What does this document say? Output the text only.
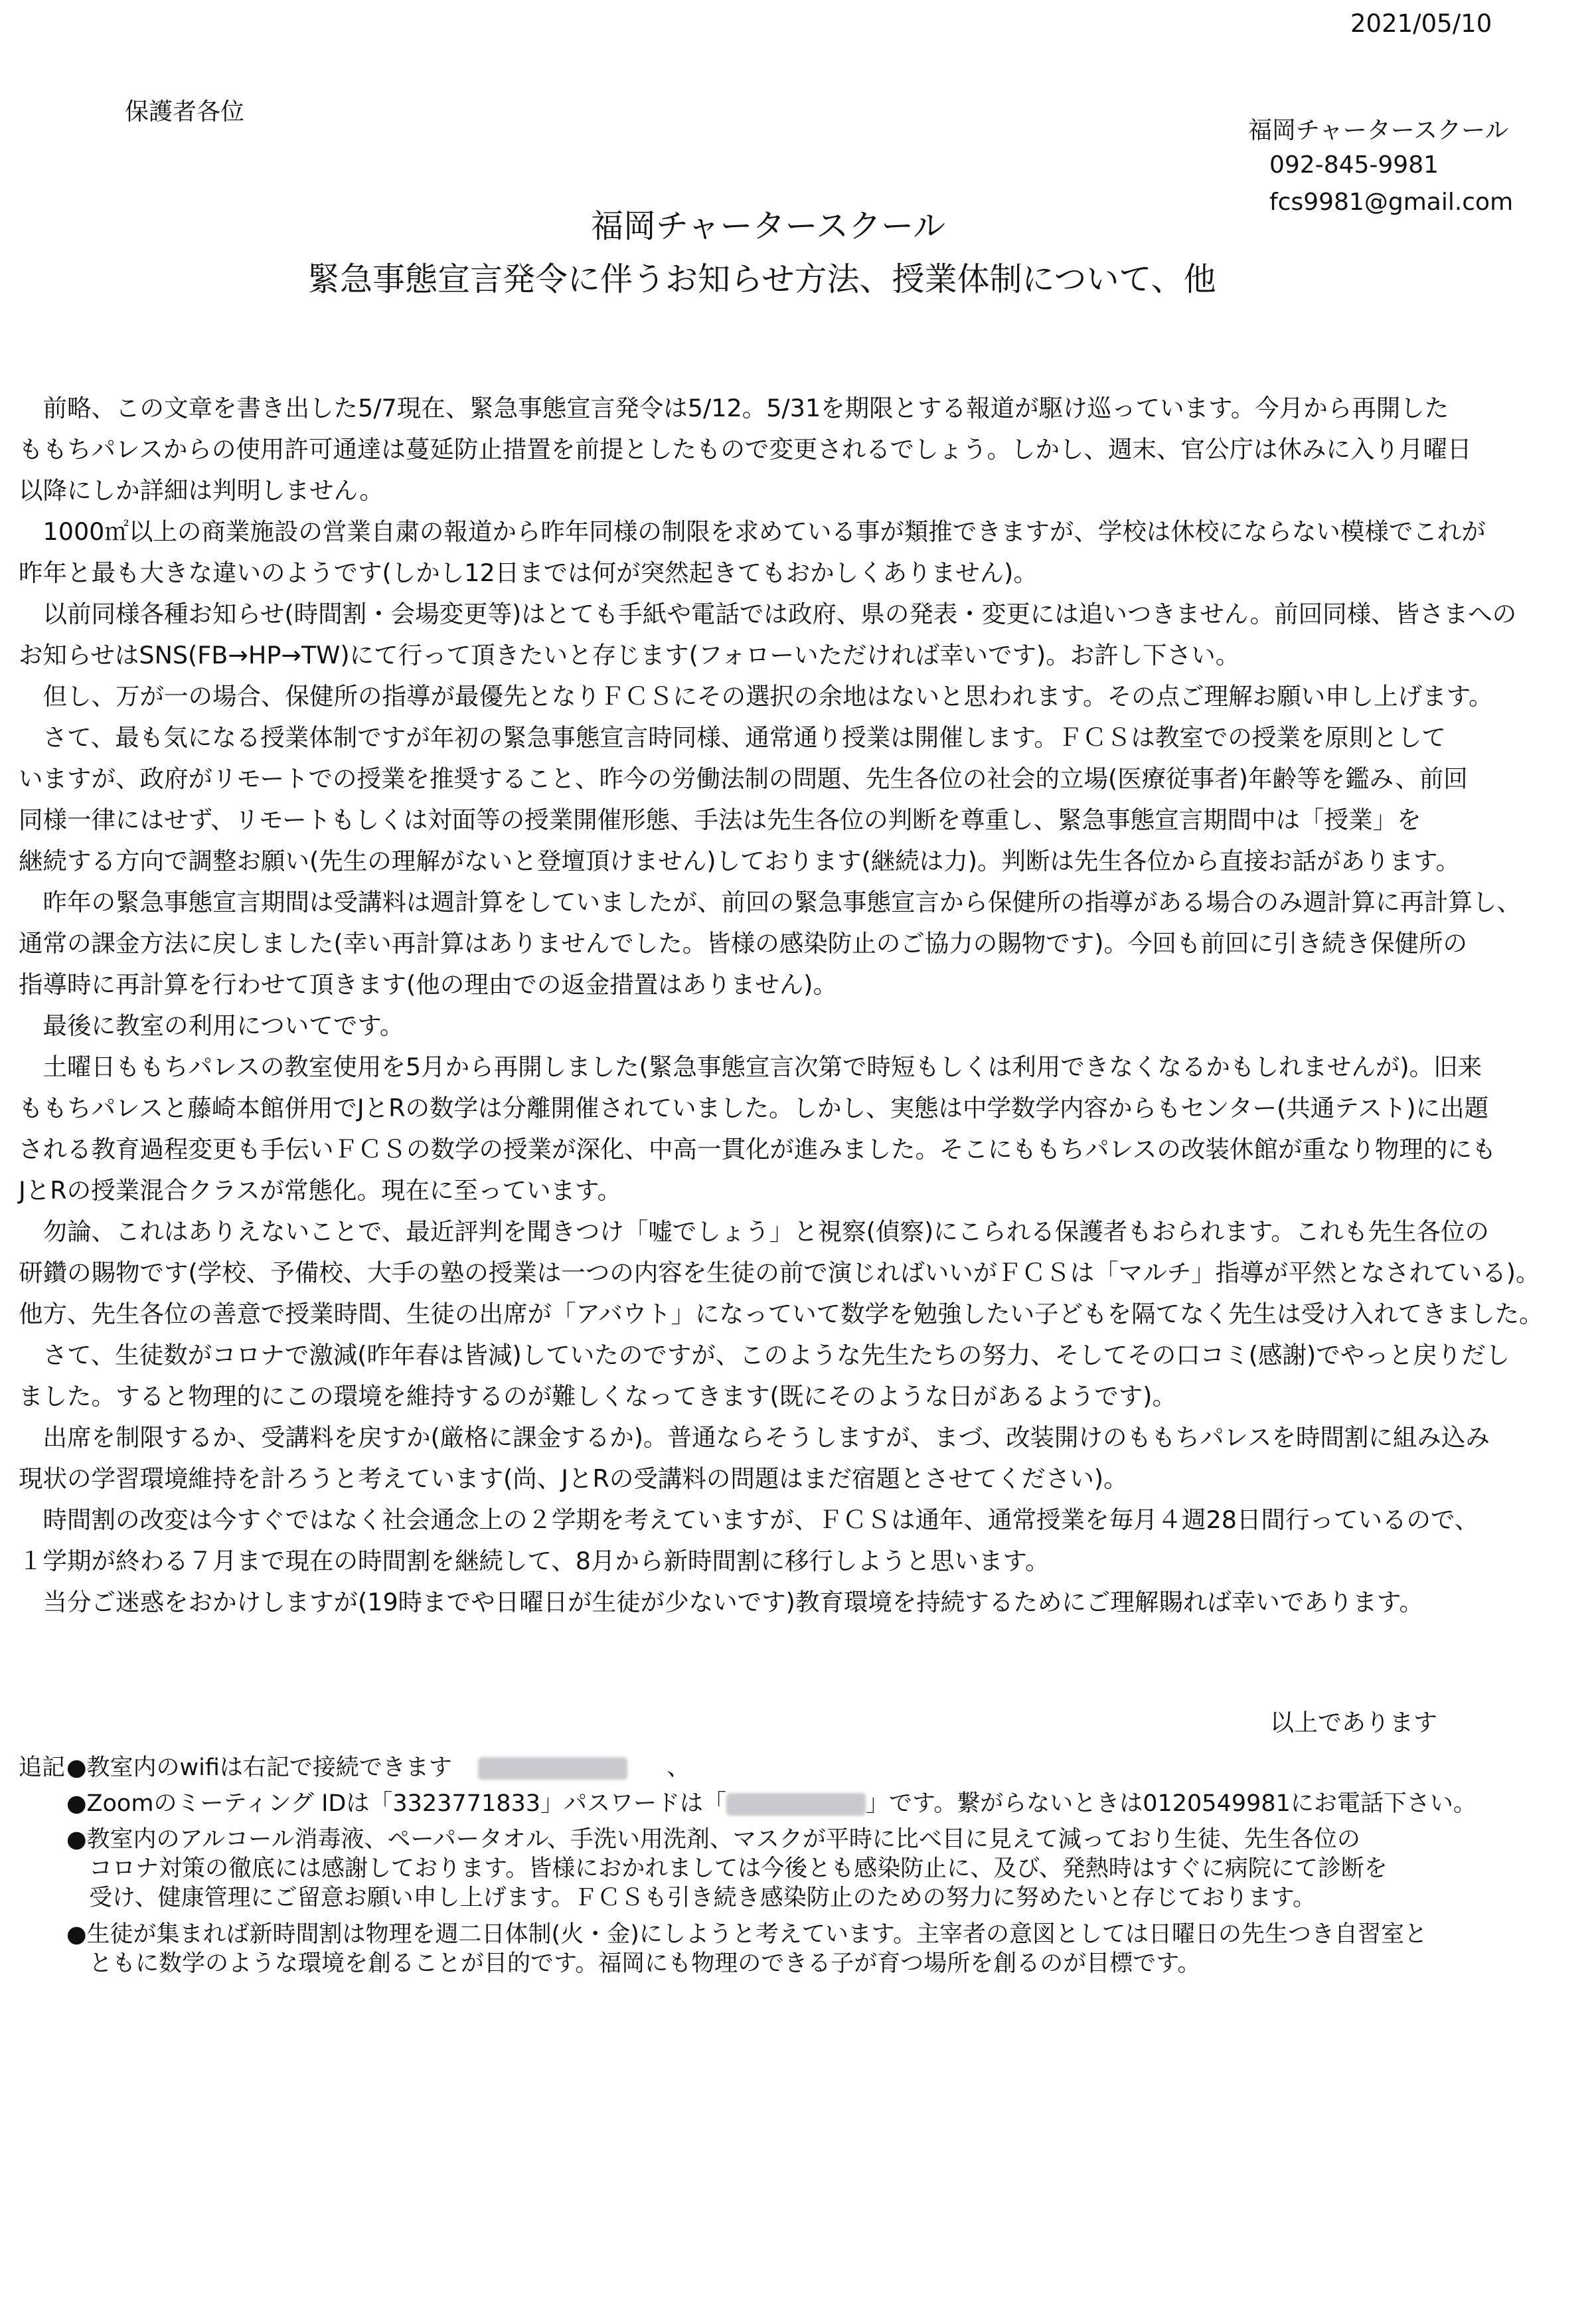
2021/05/10
保護者各位
福岡チャータースクール
092-845-9981
fcs9981@gmail.com
福岡チャータースクール
緊急事態宣言発令に伴うお知らせ方法、授業体制について、他
　前略、この文章を書き出した5/7現在、緊急事態宣言発令は5/12。5/31を期限とする報道が駆け巡っています。今月から再開した
ももちパレスからの使用許可通達は蔓延防止措置を前提としたもので変更されるでしょう。しかし、週末、官公庁は休みに入り月曜日
以降にしか詳細は判明しません。
　1000㎡以上の商業施設の営業自粛の報道から昨年同様の制限を求めている事が類推できますが、学校は休校にならない模様でこれが
昨年と最も大きな違いのようです(しかし12日までは何が突然起きてもおかしくありません)。
　以前同様各種お知らせ(時間割・会場変更等)はとても手紙や電話では政府、県の発表・変更には追いつきません。前回同様、皆さまへの
お知らせはSNS(FB→HP→TW)にて行って頂きたいと存じます(フォローいただければ幸いです)。お許し下さい。
　但し、万が一の場合、保健所の指導が最優先となりＦＣＳにその選択の余地はないと思われます。その点ご理解お願い申し上げます。
　さて、最も気になる授業体制ですが年初の緊急事態宣言時同様、通常通り授業は開催します。ＦＣＳは教室での授業を原則として
いますが、政府がリモートでの授業を推奨すること、昨今の労働法制の問題、先生各位の社会的立場(医療従事者)年齢等を鑑み、前回
同様一律にはせず、リモートもしくは対面等の授業開催形態、手法は先生各位の判断を尊重し、緊急事態宣言期間中は「授業」を
継続する方向で調整お願い(先生の理解がないと登壇頂けません)しております(継続は力)。判断は先生各位から直接お話があります。
　昨年の緊急事態宣言期間は受講料は週計算をしていましたが、前回の緊急事態宣言から保健所の指導がある場合のみ週計算に再計算し、
通常の課金方法に戻しました(幸い再計算はありませんでした。皆様の感染防止のご協力の賜物です)。今回も前回に引き続き保健所の
指導時に再計算を行わせて頂きます(他の理由での返金措置はありません)。
　最後に教室の利用についてです。
　土曜日ももちパレスの教室使用を5月から再開しました(緊急事態宣言次第で時短もしくは利用できなくなるかもしれませんが)。旧来
ももちパレスと藤崎本館併用でJとRの数学は分離開催されていました。しかし、実態は中学数学内容からもセンター(共通テスト)に出題
される教育過程変更も手伝いＦＣＳの数学の授業が深化、中高一貫化が進みました。そこにももちパレスの改装休館が重なり物理的にも
JとRの授業混合クラスが常態化。現在に至っています。
　勿論、これはありえないことで、最近評判を聞きつけ「嘘でしょう」と視察(偵察)にこられる保護者もおられます。これも先生各位の
研鑽の賜物です(学校、予備校、大手の塾の授業は一つの内容を生徒の前で演じればいいがＦＣＳは「マルチ」指導が平然となされている)。
他方、先生各位の善意で授業時間、生徒の出席が「アバウト」になっていて数学を勉強したい子どもを隔てなく先生は受け入れてきました。
　さて、生徒数がコロナで激減(昨年春は皆減)していたのですが、このような先生たちの努力、そしてその口コミ(感謝)でやっと戻りだし
ました。すると物理的にこの環境を維持するのが難しくなってきます(既にそのような日があるようです)。
　出席を制限するか、受講料を戻すか(厳格に課金するか)。普通ならそうしますが、まづ、改装開けのももちパレスを時間割に組み込み
現状の学習環境維持を計ろうと考えています(尚、JとRの受講料の問題はまだ宿題とさせてください)。
　時間割の改変は今すぐではなく社会通念上の２学期を考えていますが、ＦＣＳは通年、通常授業を毎月４週28日間行っているので、
１学期が終わる７月まで現在の時間割を継続して、8月から新時間割に移行しようと思います。
　当分ご迷惑をおかけしますが(19時までや日曜日が生徒が少ないです)教育環境を持続するためにご理解賜れば幸いであります。
以上であります
追記 ●教室内のwifiは右記で接続できます	、
●Zoomのミーティング IDは「3323771833」パスワードは「	」です。繋がらないときは0120549981にお電話下さい。
●教室内のアルコール消毒液、ペーパータオル、手洗い用洗剤、マスクが平時に比べ目に見えて減っており生徒、先生各位の
コロナ対策の徹底には感謝しております。皆様におかれましては今後とも感染防止に、及び、発熱時はすぐに病院にて診断を
受け、健康管理にご留意お願い申し上げます。ＦＣＳも引き続き感染防止のための努力に努めたいと存じております。
●生徒が集まれば新時間割は物理を週二日体制(火・金)にしようと考えています。主宰者の意図としては日曜日の先生つき自習室と
ともに数学のような環境を創ることが目的です。福岡にも物理のできる子が育つ場所を創るのが目標です。
